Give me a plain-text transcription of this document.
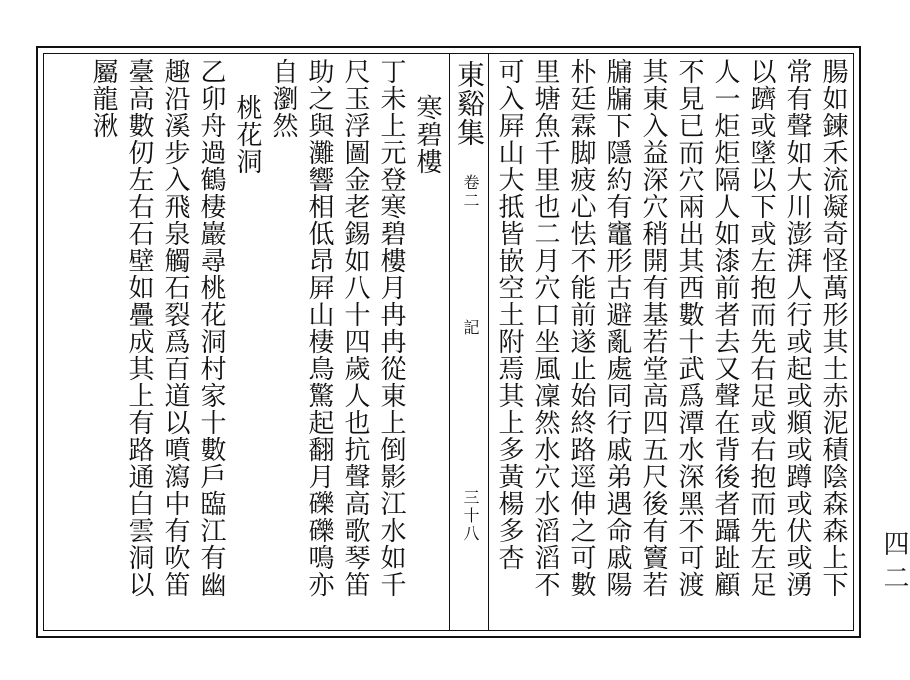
腸如鍊禾流凝奇怪萬形其土赤泥積陰森森上下
常有聲如大川澎湃人行或起或頫或蹲或伏或湧
以躋或墜以下或左抱而先右足或右抱而先左足
人一炬炬隔人如漆前者去又聲在背後者躡趾顧
不見已而穴兩出其西數十武爲潭水深黑不可渡
其東入益深穴稍開有基若堂高四五尺後有竇若
牖牖下隱約有竈形古避亂處同行戚弟遇命戚陽
朴廷霖脚疲心怯不能前遂止始終路逕伸之可數
里塘魚千里也二月穴口坐風凜然水穴水滔滔不
可入屛山大抵皆嵌空土附焉其上多黃楊多杏
東谿集
卷二
記
三十八
寒碧樓
丁未上元登寒碧樓月冉冉從東上倒影江水如千
尺玉浮圖金老錫如八十四歲人也抗聲高歌琴笛
助之與灘響相低昂屛山棲鳥驚起翻月礫礫鳴亦
自瀏然
桃花洞
乙卯舟過鶴棲巖尋桃花洞村家十數戶臨江有幽
趣沿溪步入飛泉觸石裂爲百道以噴瀉中有吹笛
臺高數仞左右石壁如疊成其上有路通白雲洞以
屬龍湫
四二
